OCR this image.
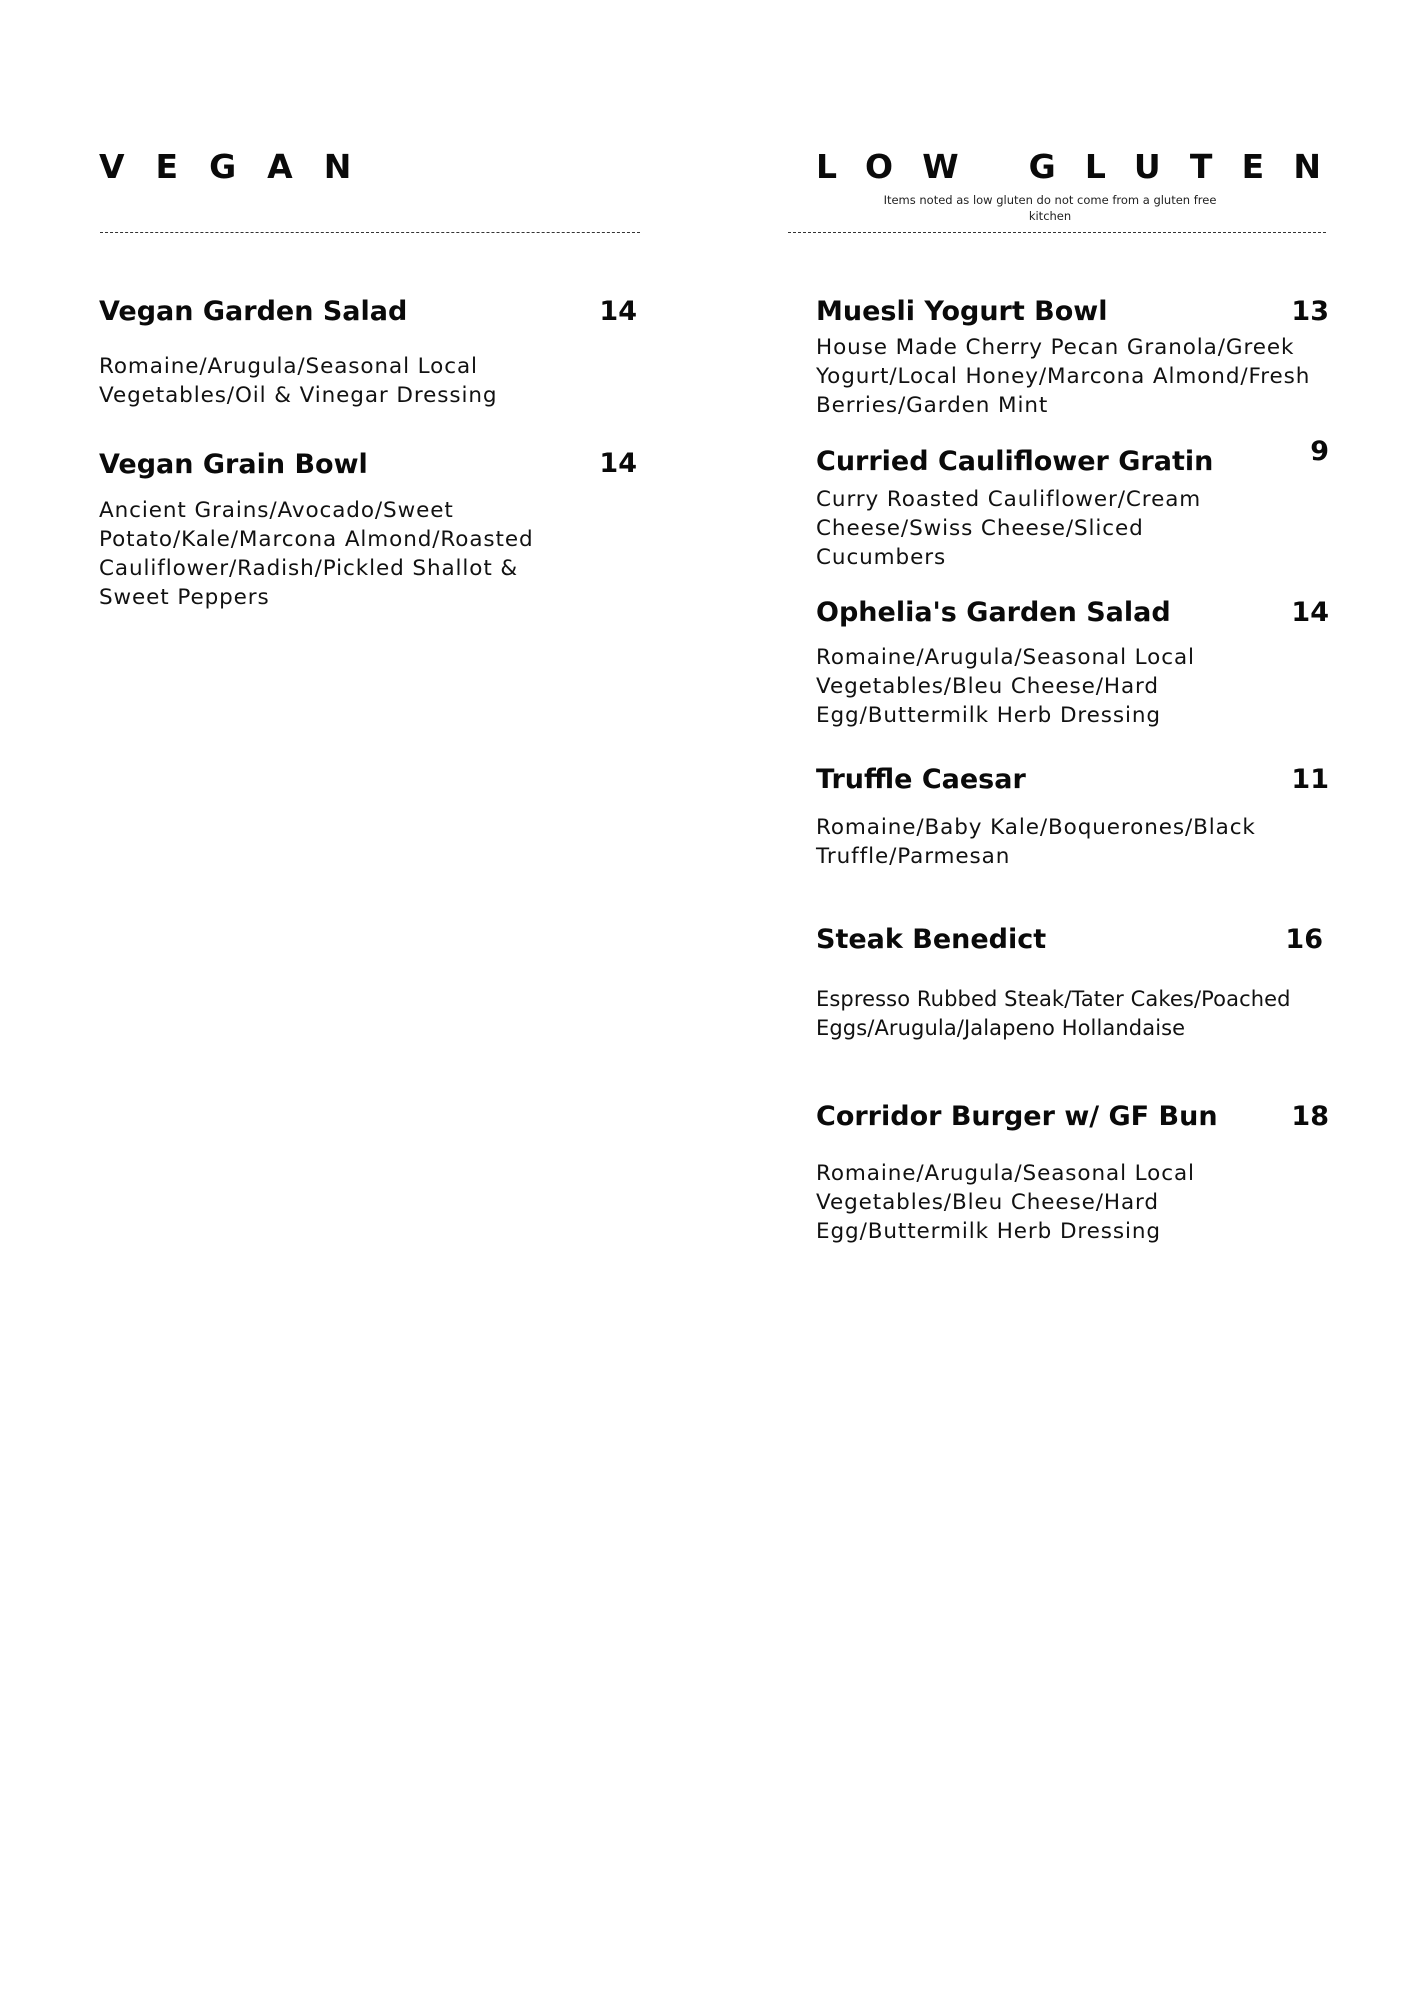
VEGAN
Vegan Garden Salad	14

Romaine/Arugula/Seasonal Local Vegetables/Oil & Vinegar Dressing

Vegan Grain Bowl	14

Ancient Grains/Avocado/Sweet Potato/Kale/Marcona Almond/Roasted Cauliflower/Radish/Pickled Shallot & Sweet Peppers

LOW GLUTEN

Items noted as low gluten do not come from a gluten free kitchen

Muesli Yogurt Bowl	13

House Made Cherry Pecan Granola/Greek Yogurt/Local Honey/Marcona Almond/Fresh Berries/Garden Mint

Curried Cauliflower Gratin	9

Curry Roasted Cauliflower/Cream Cheese/Swiss Cheese/Sliced Cucumbers

Ophelia's Garden Salad	14

Romaine/Arugula/Seasonal Local Vegetables/Bleu Cheese/Hard Egg/Buttermilk Herb Dressing

Truffle Caesar	11

Romaine/Baby Kale/Boquerones/Black Truffle/Parmesan

Steak Benedict	16

Espresso Rubbed Steak/Tater Cakes/Poached Eggs/Arugula/Jalapeno Hollandaise

Corridor Burger w/ GF Bun	18

Romaine/Arugula/Seasonal Local Vegetables/Bleu Cheese/Hard Egg/Buttermilk Herb Dressing
